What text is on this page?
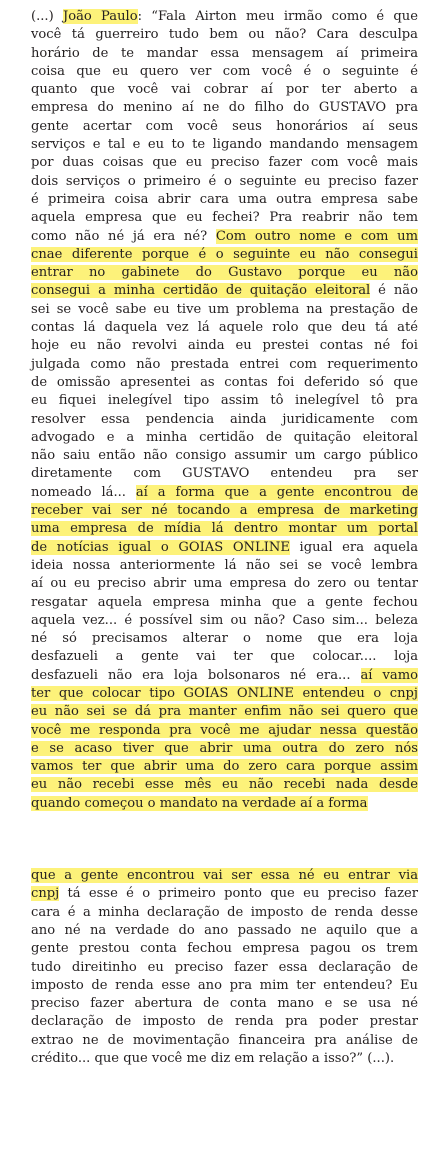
(...) João Paulo: “Fala Airton meu irmão como é que
você tá guerreiro tudo bem ou não? Cara desculpa
horário de te mandar essa mensagem aí primeira
coisa que eu quero ver com você é o seguinte é
quanto que você vai cobrar aí por ter aberto a
empresa do menino aí ne do filho do GUSTAVO pra
gente acertar com você seus honorários aí seus
serviços e tal e eu to te ligando mandando mensagem
por duas coisas que eu preciso fazer com você mais
dois serviços o primeiro é o seguinte eu preciso fazer
é primeira coisa abrir cara uma outra empresa sabe
aquela empresa que eu fechei? Pra reabrir não tem
como não né já era né? Com outro nome e com um
cnae diferente porque é o seguinte eu não consegui
entrar no gabinete do Gustavo porque eu não
consegui a minha certidão de quitação eleitoral é não
sei se você sabe eu tive um problema na prestação de
contas lá daquela vez lá aquele rolo que deu tá até
hoje eu não revolvi ainda eu prestei contas né foi
julgada como não prestada entrei com requerimento
de omissão apresentei as contas foi deferido só que
eu fiquei inelegível tipo assim tô inelegível tô pra
resolver essa pendencia ainda juridicamente com
advogado e a minha certidão de quitação eleitoral
não saiu então não consigo assumir um cargo público
diretamente com GUSTAVO entendeu pra ser
nomeado lá... aí a forma que a gente encontrou de
receber vai ser né tocando a empresa de marketing
uma empresa de mídia lá dentro montar um portal
de notícias igual o GOIAS ONLINE igual era aquela
ideia nossa anteriormente lá não sei se você lembra
aí ou eu preciso abrir uma empresa do zero ou tentar
resgatar aquela empresa minha que a gente fechou
aquela vez... é possível sim ou não? Caso sim... beleza
né só precisamos alterar o nome que era loja
desfazueli a gente vai ter que colocar.... loja
desfazueli não era loja bolsonaros né era... aí vamo
ter que colocar tipo GOIAS ONLINE entendeu o cnpj
eu não sei se dá pra manter enfim não sei quero que
você me responda pra você me ajudar nessa questão
e se acaso tiver que abrir uma outra do zero nós
vamos ter que abrir uma do zero cara porque assim
eu não recebi esse mês eu não recebi nada desde
quando começou o mandato na verdade aí a forma
que a gente encontrou vai ser essa né eu entrar via
cnpj tá esse é o primeiro ponto que eu preciso fazer
cara é a minha declaração de imposto de renda desse
ano né na verdade do ano passado ne aquilo que a
gente prestou conta fechou empresa pagou os trem
tudo direitinho eu preciso fazer essa declaração de
imposto de renda esse ano pra mim ter entendeu? Eu
preciso fazer abertura de conta mano e se usa né
declaração de imposto de renda pra poder prestar
extrao ne de movimentação financeira pra análise de
crédito... que que você me diz em relação a isso?” (...).
